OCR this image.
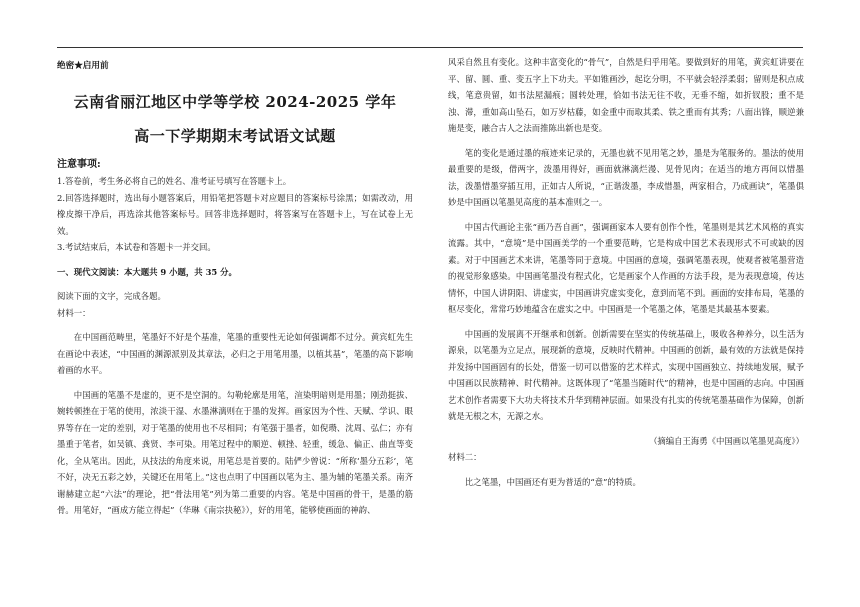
绝密★启用前
云南省丽江地区中学等学校 2024-2025 学年
高一下学期期末考试语文试题
注意事项:

1.答卷前，考生务必将自己的姓名、准考证号填写在答题卡上。

2.回答选择题时，选出每小题答案后，用铅笔把答题卡对应题目的答案标号涂黑；如需改动，用橡皮擦干净后，再选涂其他答案标号。回答非选择题时，将答案写在答题卡上，写在试卷上无效。

3.考试结束后，本试卷和答题卡一并交回。

一、现代文阅读：本大题共 9 小题，共 35 分。

阅读下面的文字，完成各题。

材料一：

在中国画范畴里，笔墨好不好是个基准，笔墨的重要性无论如何强调都不过分。黄宾虹先生在画论中表述，“中国画的渊源派别及其章法，必归之于用笔用墨，以植其基”，笔墨的高下影响着画的水平。

中国画的笔墨不是虚的，更不是空洞的。勾勒轮廓是用笔，渲染明暗则是用墨；刚劲挺拔、婉转顿挫在于笔的使用，浓淡干湿、水墨淋漓则在于墨的发挥。画家因为个性、天赋、学识、眼界等存在一定的差别，对于笔墨的使用也不尽相同；有笔强于墨者，如倪瓒、沈周、弘仁；亦有墨重于笔者，如吴镇、龚贤、李可染。用笔过程中的顺逆、顿挫、轻重，缓急、偏正、曲直等变化，全从笔出。因此，从技法的角度来说，用笔总是首要的。陆俨少曾说：“所称‘墨分五彩’，笔不好，决无五彩之妙，关键还在用笔上。”这也点明了中国画以笔为主、墨为辅的笔墨关系。南齐谢赫建立起“六法”的理论，把“骨法用笔”列为第二重要的内容。笔是中国画的骨干，是墨的筋骨。用笔好，“画成方能立得起”（华琳《南宗抉秘》），好的用笔，能够使画面的神韵、

风采自然且有变化。这种丰富变化的“骨气”，自然是归乎用笔。要做到好的用笔，黄宾虹讲要在平、留、圆、重、变五字上下功夫。平如锥画沙，起讫分明，不平就会轻浮柔弱；留则是积点成线，笔意贵留，如书法屋漏痕；圆转处理，恰如书法无往不收，无垂不缩，如折钗股；重不是浊、滞，重如高山坠石，如万岁枯藤，如金重中而取其柔、铁之重而有其秀；八面出锋，顺逆兼施是变，融合古人之法而推陈出新也是变。

笔的变化是通过墨的痕迹来记录的，无墨也就不见用笔之妙，墨是为笔服务的。墨法的使用最重要的是级，借两字，泼墨用得好，画面就淋漓烂漫、见骨见肉；在适当的地方再间以惜墨法，泼墨惜墨穿插互用，正如古人所说，“正谐泼墨，李成惜墨，两家相合，乃成画诀”，笔墨俱妙是中国画以笔墨见高度的基本准则之一。

中国古代画论主张“画乃吾自画”，强调画家本人要有创作个性，笔墨则是其艺术风格的真实流露。其中，“意境”是中国画美学的一个重要范畴，它是构成中国艺术表现形式不可或缺的因素。对于中国画艺术来讲，笔墨等同于意境。中国画的意境，强调笔墨表现，使观者被笔墨营造的视觉形象感染。中国画笔墨没有程式化，它是画家个人作画的方法手段，是为表现意境，传达情怀，中国人讲阴阳、讲虚实，中国画讲究虚实变化，意到而笔不到。画面的安排布局，笔墨的枢尽变化，常常巧妙地蕴含在虚实之中。中国画是一个笔墨之体，笔墨是其最基本要素。

中国画的发展离不开继承和创新。创新需要在坚实的传统基础上，吸收各种养分，以生活为源泉，以笔墨为立足点，展现新的意境，反映时代精神。中国画的创新，最有效的方法就是保持并发扬中国画固有的长处，借鉴一切可以借鉴的艺术样式，实现中国画独立、持续地发展，赋予中国画以民族精神、时代精神。这既体现了“笔墨当随时代”的精神，也是中国画的志向。中国画艺术创作者需要下大功夫将技术升华到精神层面。如果没有扎实的传统笔墨基础作为保障，创新就是无根之木，无源之水。

（摘编自王海勇《中国画以笔墨见高度》）

材料二：

比之笔墨，中国画还有更为普适的“意”的特质。
